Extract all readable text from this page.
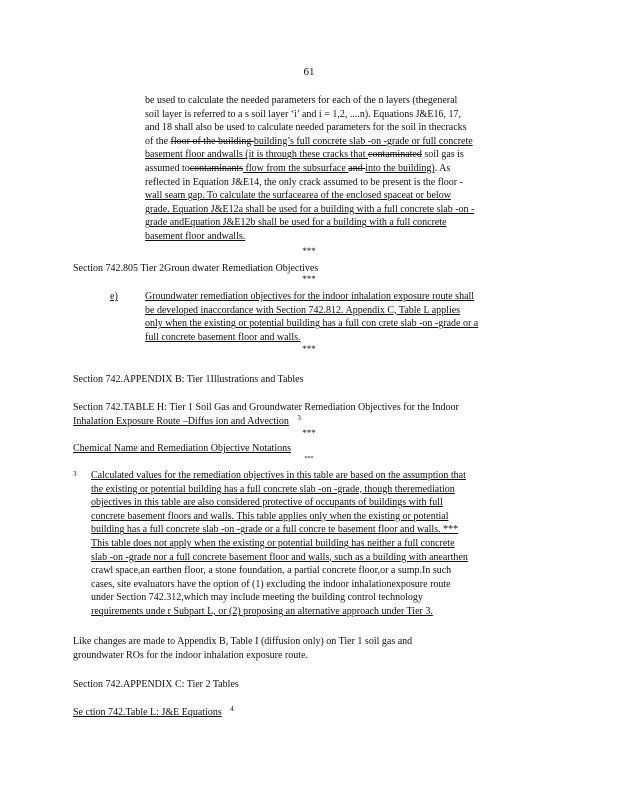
61
be used to calculate the needed parameters for each of the n layers (thegeneral
soil layer is referred to a s soil layer ‘i’ and i = 1,2, ....n). Equations J&E16, 17,
and 18 shall also be used to calculate needed parameters for the soil in thecracks
of the floor of the building building’s full concrete slab -on -grade or full concrete
basement floor andwalls (it is through these cracks that contaminated soil gas is
assumed tocontaminants flow from the subsurface and into the building). As
reflected in Equation J&E14, the only crack assumed to be present is the floor -
wall seam gap. To calculate the surfacearea of the enclosed spaceat or below
grade. Equation J&E12a shall be used for a building with a full concrete slab -on -
grade andEquation J&E12b shall be used for a building with a full concrete
basement floor andwalls.
***
Section 742.805 Tier 2Groun dwater Remediation Objectives
***
e)	Groundwater remediation objectives for the indoor inhalation exposure route shall
be developed inaccordance with Section 742.812. Appendix C, Table L applies
only when the existing or potential building has a full con crete slab -on -grade or a
full concrete basement floor and walls.
***
Section 742.APPENDIX B: Tier 1Illustrations and Tables
Section 742.TABLE H: Tier 1 Soil Gas and Groundwater Remediation Objectives for the Indoor
Inhalation Exposure Route –Diffus ion and Advection $^3$
***
Chemical Name and Remediation Objective Notations
***
3 Calculated values for the remediation objectives in this table are based on the assumption that
the existing or potential building has a full concrete slab -on -grade, though theremediation
objectives in this table are also considered protective of occupants of buildings with full
concrete basement floors and walls. This table applies only when the existing or potential
building has a full concrete slab -on -grade or a full concre te basement floor and walls. ***
This table does not apply when the existing or potential building has neither a full concrete
slab -on -grade nor a full concrete basement floor and walls, such as a building with anearthen
crawl space,an earthen floor, a stone foundation, a partial concrete floor,or a sump.In such
cases, site evaluators have the option of (1) excluding the indoor inhalationexposure route
under Section 742.312,which may include meeting the building control technology
requirements unde r Subpart L, or (2) proposing an alternative approach under Tier 3.
Like changes are made to Appendix B, Table I (diffusion only) on Tier 1 soil gas and
groundwater ROs for the indoor inhalation exposure route.
Section 742.APPENDIX C: Tier 2 Tables
Se ction 742.Table L: J&E Equations $^4$
